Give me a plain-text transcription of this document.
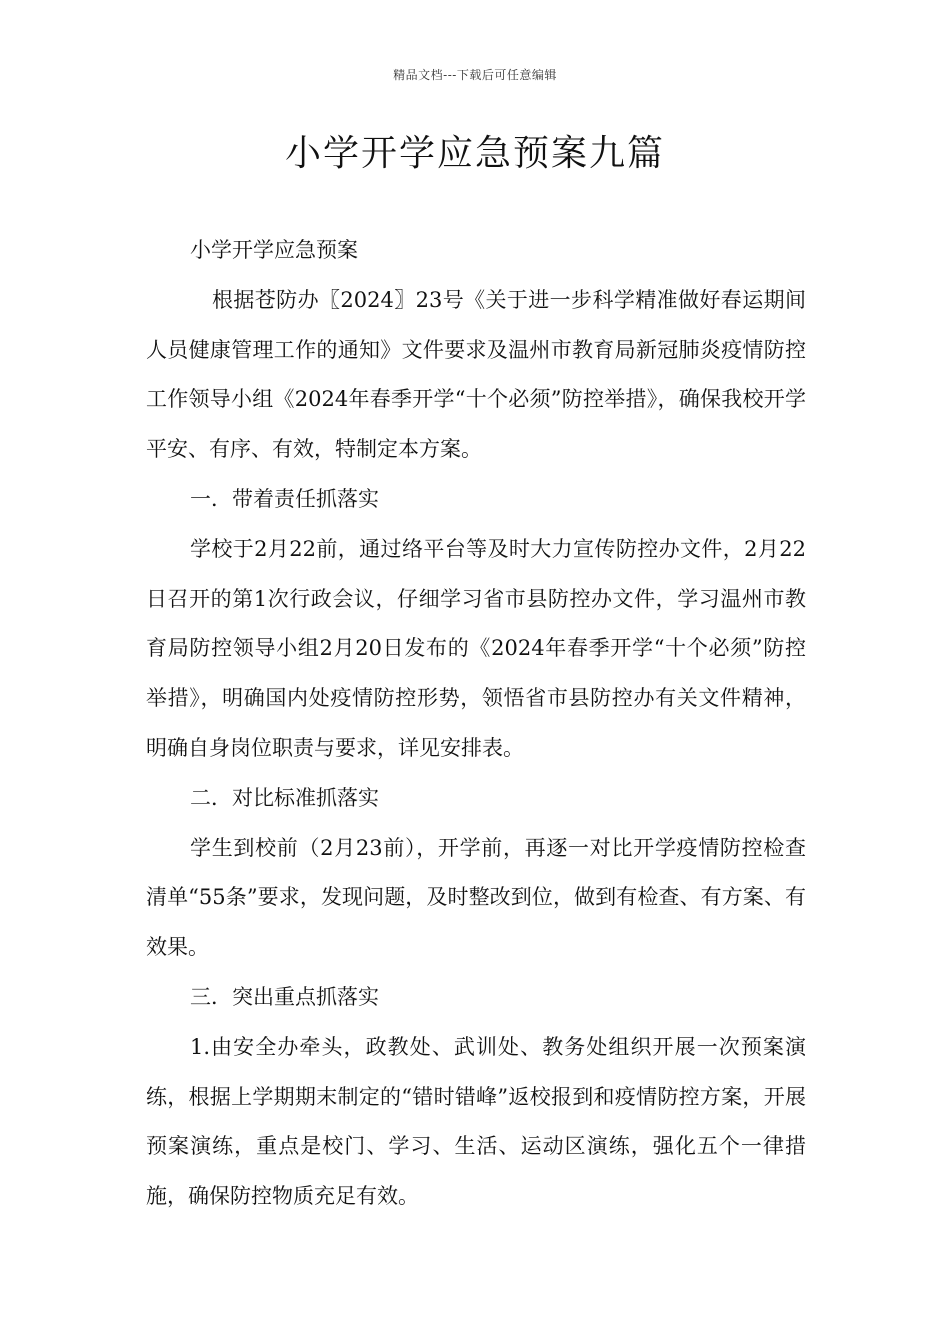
精品文档---下载后可任意编辑
小学开学应急预案九篇

小学开学应急预案

根据苍防办〖2024〗23号《关于进一步科学精准做好春运期间人员健康管理工作的通知》文件要求及温州市教育局新冠肺炎疫情防控工作领导小组《2024年春季开学“十个必须”防控举措》，确保我校开学平安、有序、有效，特制定本方案。

一．带着责任抓落实

学校于2月22前，通过络平台等及时大力宣传防控办文件，2月22日召开的第1次行政会议，仔细学习省市县防控办文件，学习温州市教育局防控领导小组2月20日发布的《2024年春季开学“十个必须”防控举措》，明确国内处疫情防控形势，领悟省市县防控办有关文件精神，明确自身岗位职责与要求，详见安排表。

二．对比标准抓落实

学生到校前（2月23前），开学前，再逐一对比开学疫情防控检查清单“55条”要求，发现问题，及时整改到位，做到有检查、有方案、有效果。

三．突出重点抓落实

1.由安全办牵头，政教处、武训处、教务处组织开展一次预案演练，根据上学期期末制定的“错时错峰”返校报到和疫情防控方案，开展预案演练，重点是校门、学习、生活、运动区演练，强化五个一律措施，确保防控物质充足有效。
